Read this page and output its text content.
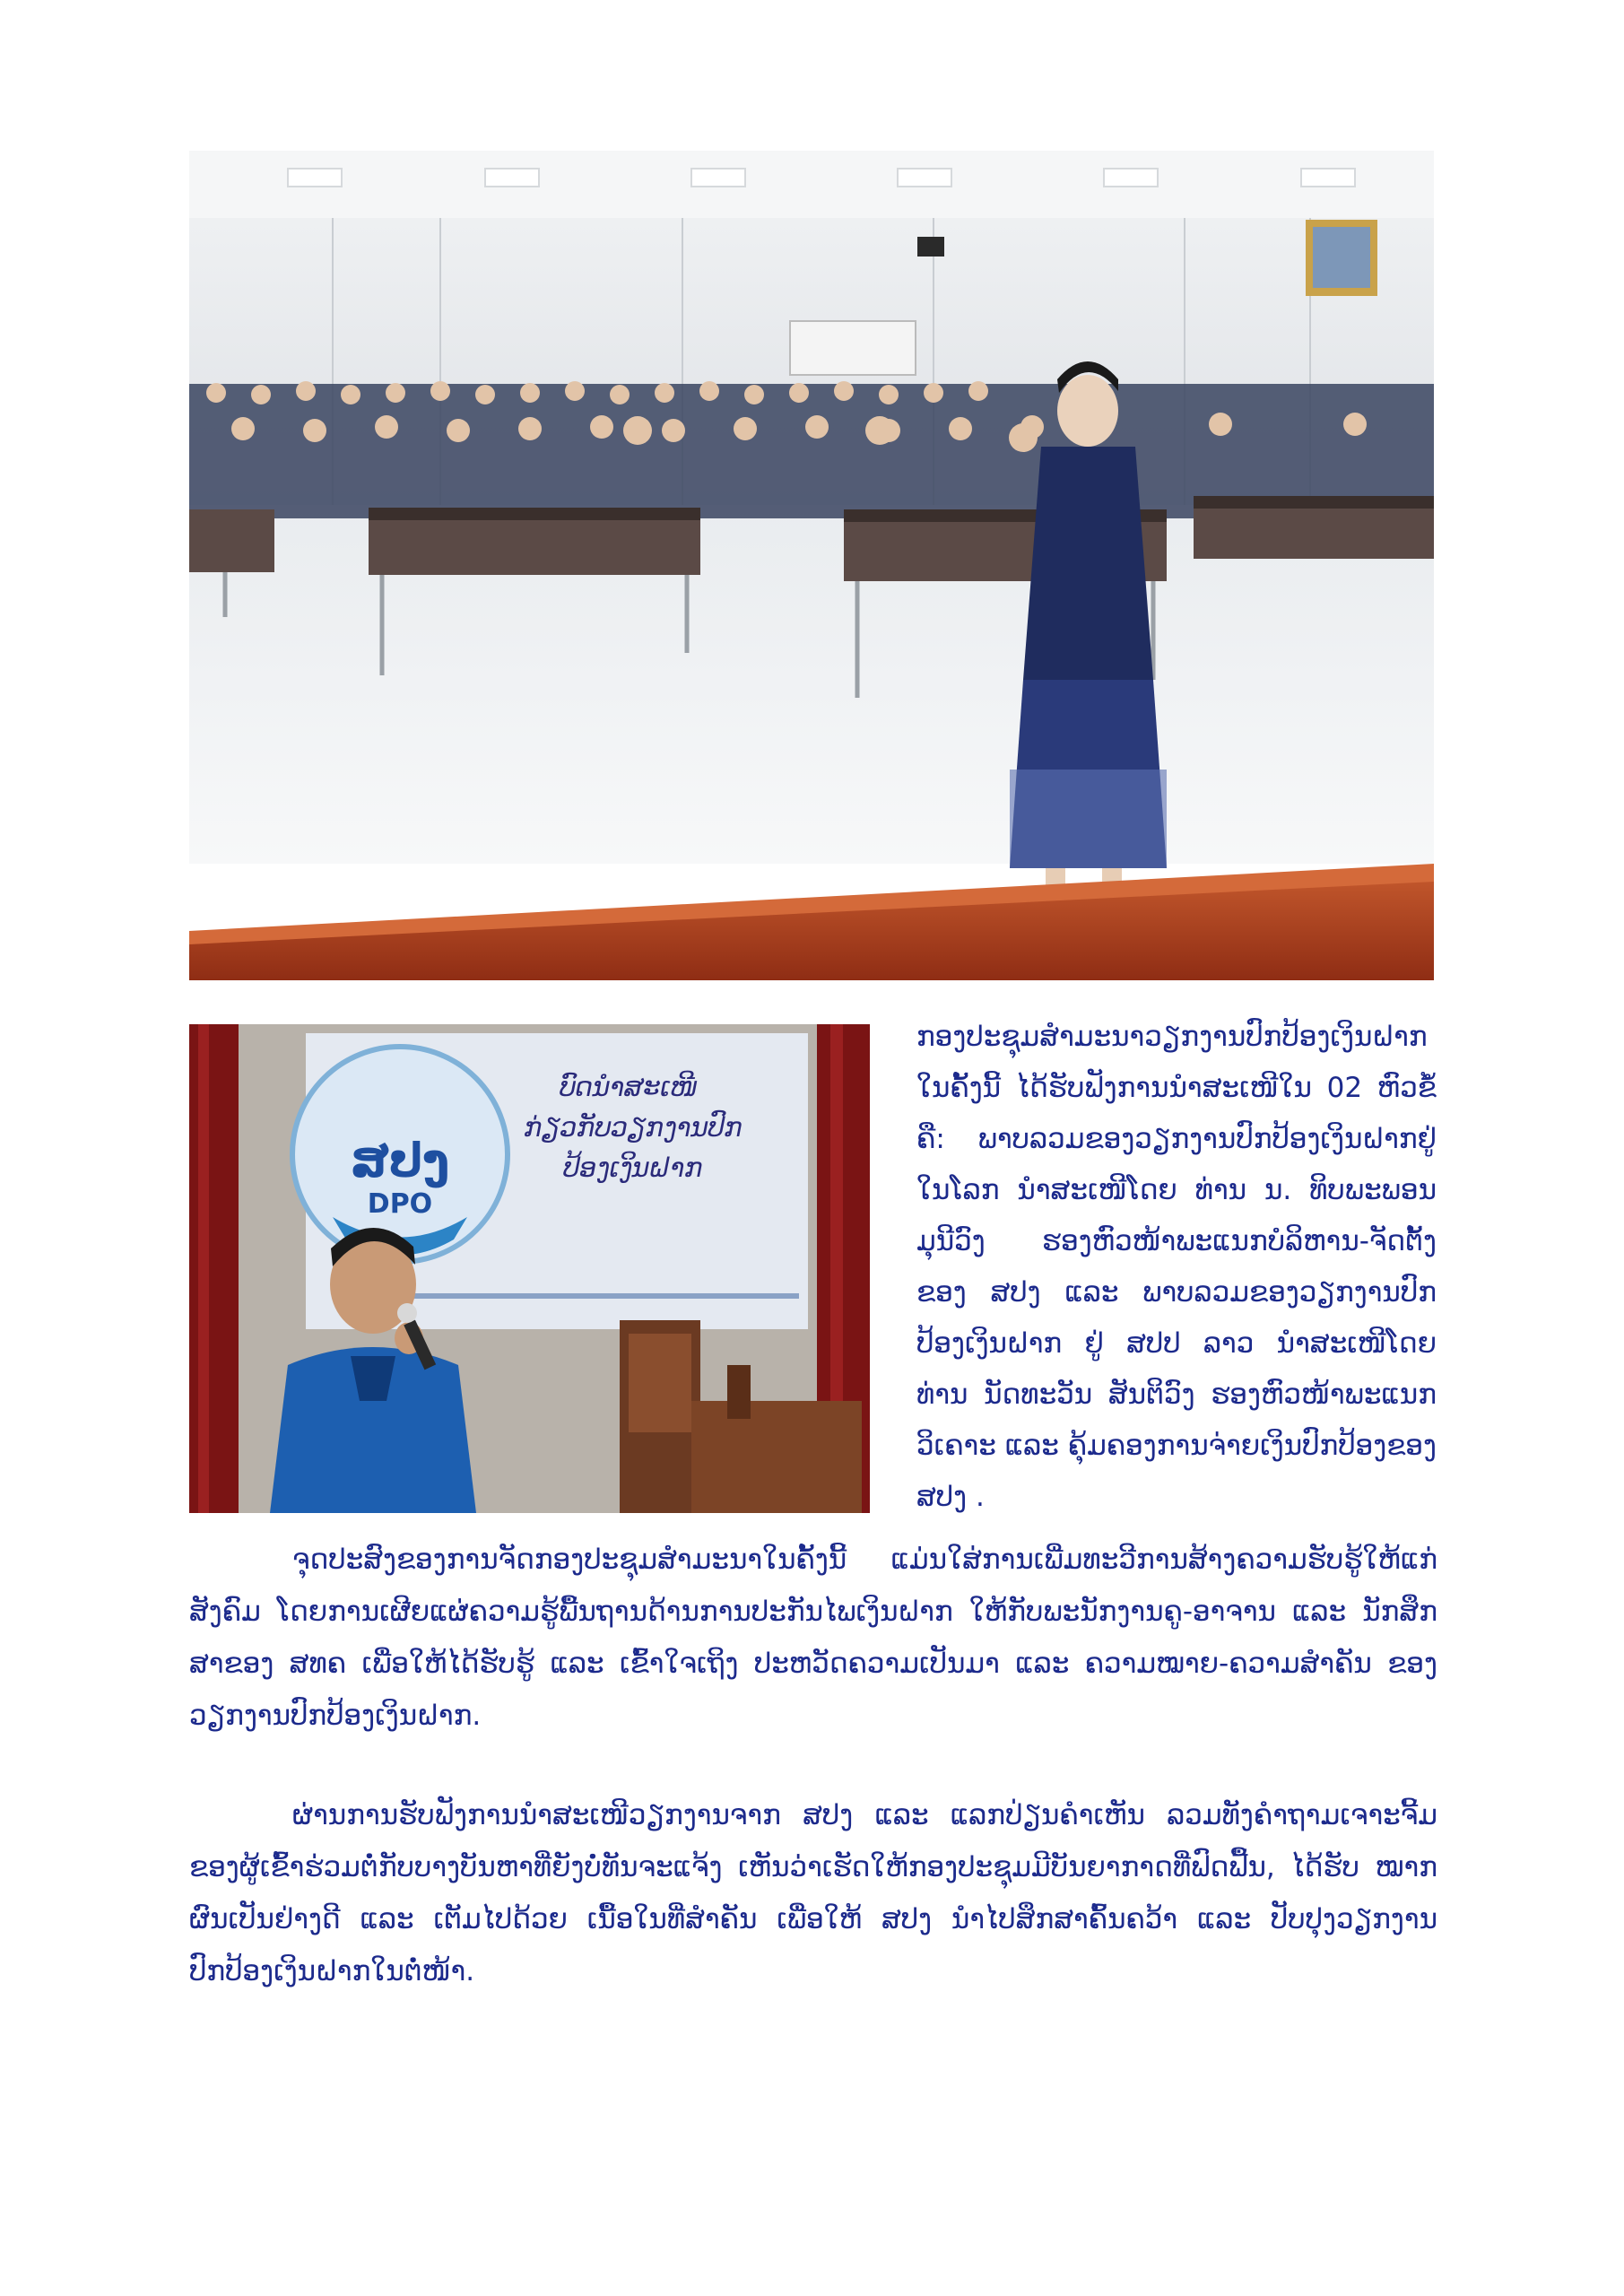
ສປງ
DPO
ບົດນຳສະເໜີ
ກ່ຽວກັບວຽກງານປົກ
ປ້ອງເງິນຝາກ

ກອງປະຊຸມສຳມະນາວຽກງານປົກປ້ອງເງິນຝາກ ໃນຄັ້ງນີ້ ໄດ້ຮັບຟັງການນຳສະເໜີໃນ 02 ຫົວຂໍ້ ຄື: ພາບລວມຂອງວຽກງານປົກປ້ອງເງິນຝາກຢູ່ ໃນໂລກ ນຳສະເໜີໂດຍ ທ່ານ ນ. ທິບພະພອນ ມຸນີວົງ ຮອງຫົວໜ້າພະແນກບໍລິຫານ-ຈັດຕັ້ງ ຂອງ ສປງ ແລະ ພາບລວມຂອງວຽກງານປົກ ປ້ອງເງິນຝາກ ຢູ່ ສປປ ລາວ ນຳສະເໜີໂດຍ ທ່ານ ນັດທະວັນ ສັນຕິວົງ ຮອງຫົວໜ້າພະແນກວິເຄາະ ແລະ ຄຸ້ມຄອງການຈ່າຍເງິນປົກປ້ອງຂອງ ສປງ .

ຈຸດປະສົງຂອງການຈັດກອງປະຊຸມສຳມະນາໃນຄັ້ງນີ້ ແມ່ນໃສ່ການເພີ່ມທະວີການສ້າງຄວາມຮັບຮູ້ໃຫ້ແກ່ ສັງຄົມ ໂດຍການເຜີຍແຜ່ຄວາມຮູ້ພື້ນຖານດ້ານການປະກັນໄພເງິນຝາກ ໃຫ້ກັບພະນັກງານຄູ-ອາຈານ ແລະ ນັກສຶກ ສາຂອງ ສທຄ ເພື່ອໃຫ້ໄດ້ຮັບຮູ້ ແລະ ເຂົ້າໃຈເຖິງ ປະຫວັດຄວາມເປັນມາ ແລະ ຄວາມໝາຍ-ຄວາມສຳຄັນ ຂອງວຽກງານປົກປ້ອງເງິນຝາກ.

ຜ່ານການຮັບຟັງການນຳສະເໜີວຽກງານຈາກ ສປງ ແລະ ແລກປ່ຽນຄຳເຫັນ ລວມທັງຄຳຖາມເຈາະຈີ້ມ ຂອງຜູ້ເຂົ້າຮ່ວມຕໍ່ກັບບາງບັນຫາທີ່ຍັງບໍ່ທັນຈະແຈ້ງ ເຫັນວ່າເຮັດໃຫ້ກອງປະຊຸມມີບັນຍາກາດທີ່ຟົດຟື້ນ, ໄດ້ຮັບ ໝາກຜົນເປັນຢ່າງດີ ແລະ ເຕັມໄປດ້ວຍ ເນື້ອໃນທີ່ສຳຄັນ ເພື່ອໃຫ້ ສປງ ນຳໄປສຶກສາຄົ້ນຄວ້າ ແລະ ປັບປຸງວຽກງານ ປົກປ້ອງເງິນຝາກໃນຕໍ່ໜ້າ.
